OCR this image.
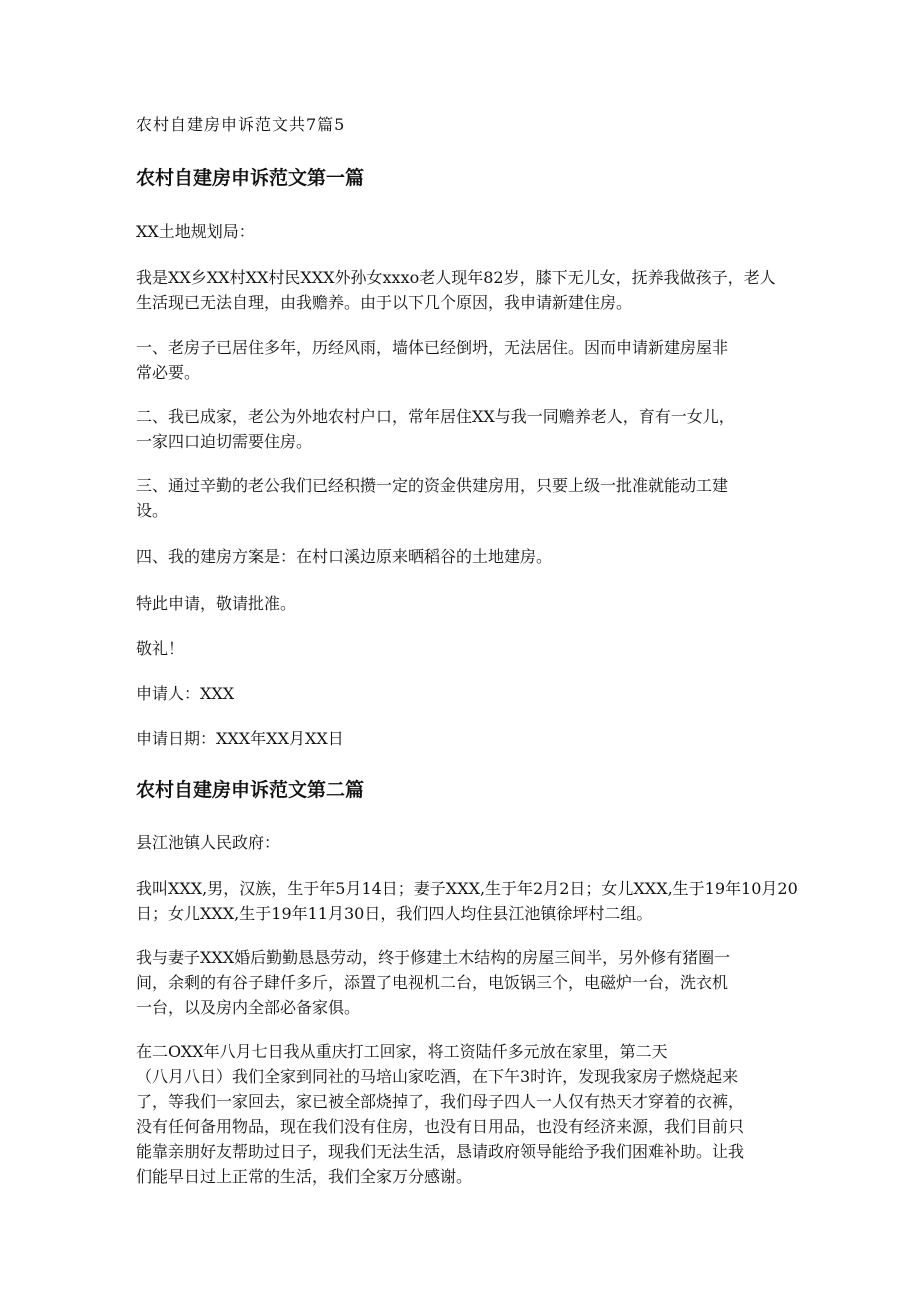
农村自建房申诉范文共7篇5
农村自建房申诉范文第一篇

XX土地规划局：

我是XX乡XX村XX村民XXX外孙女xxxo老人现年82岁，膝下无儿女，抚养我做孩子，老人
生活现已无法自理，由我赡养。由于以下几个原因，我申请新建住房。

一、老房子已居住多年，历经风雨，墙体已经倒坍，无法居住。因而申请新建房屋非
常必要。

二、我已成家，老公为外地农村户口，常年居住XX与我一同赡养老人，育有一女儿，
一家四口迫切需要住房。

三、通过辛勤的老公我们已经积攒一定的资金供建房用，只要上级一批准就能动工建
设。

四、我的建房方案是：在村口溪边原来晒稻谷的土地建房。

特此申请，敬请批准。

敬礼！

申请人：XXX

申请日期：XXX年XX月XX日

农村自建房申诉范文第二篇

县江池镇人民政府：

我叫XXX,男，汉族，生于年5月14日；妻子XXX,生于年2月2日；女儿XXX,生于19年10月20
日；女儿XXX,生于19年11月30日，我们四人均住县江池镇徐坪村二组。

我与妻子XXX婚后勤勤恳恳劳动，终于修建土木结构的房屋三间半，另外修有猪圈一
间，余剩的有谷子肆仟多斤，添置了电视机二台，电饭锅三个，电磁炉一台，洗衣机
一台，以及房内全部必备家俱。

在二OXX年八月七日我从重庆打工回家，将工资陆仟多元放在家里，第二天
（八月八日）我们全家到同社的马培山家吃酒，在下午3时许，发现我家房子燃烧起来
了，等我们一家回去，家已被全部烧掉了，我们母子四人一人仅有热天才穿着的衣裤，
没有任何备用物品，现在我们没有住房，也没有日用品，也没有经济来源，我们目前只
能靠亲朋好友帮助过日子，现我们无法生活，恳请政府领导能给予我们困难补助。让我
们能早日过上正常的生活，我们全家万分感谢。
